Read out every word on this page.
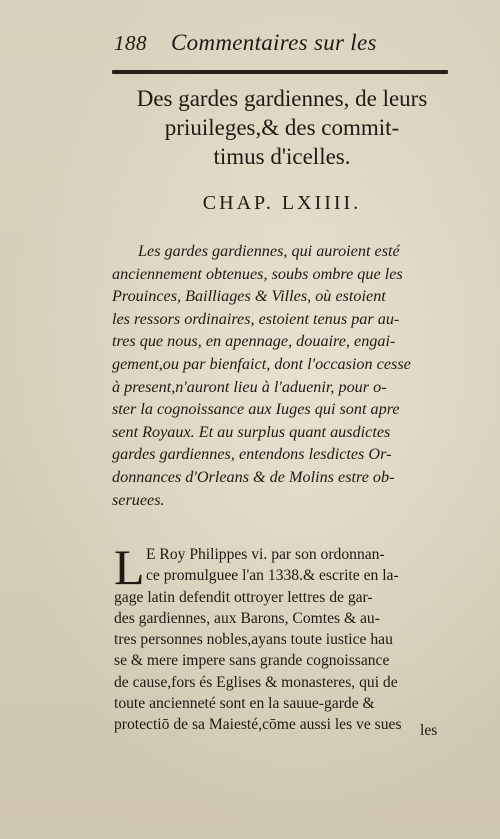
188 Commentaires sur les
Des gardes gardiennes, de leurs
priuileges,& des commit-
timus d'icelles.
CHAP. LXIIII.
Les gardes gardiennes, qui auroient esté
anciennement obtenues, soubs ombre que les
Prouinces, Bailliages & Villes, où estoient
les ressors ordinaires, estoient tenus par au-
tres que nous, en apennage, douaire, engai-
gement,ou par bienfaict, dont l'occasion cesse
à present,n'auront lieu à l'aduenir, pour o-
ster la cognoissance aux Iuges qui sont apre
sent Royaux. Et au surplus quant ausdictes
gardes gardiennes, entendons lesdictes Or-
donnances d'Orleans & de Molins estre ob-
seruees.
L E Roy Philippes vi. par son ordonnan-
ce promulguee l'an 1338.& escrite en la-
gage latin defendit ottroyer lettres de gar-
des gardiennes, aux Barons, Comtes & au-
tres personnes nobles,ayans toute iustice hau
se & mere impere sans grande cognoissance
de cause,fors és Eglises & monasteres, qui de
toute ancienneté sont en la sauue-garde &
protectiō de sa Maiesté,cōme aussi les ve sues	les
